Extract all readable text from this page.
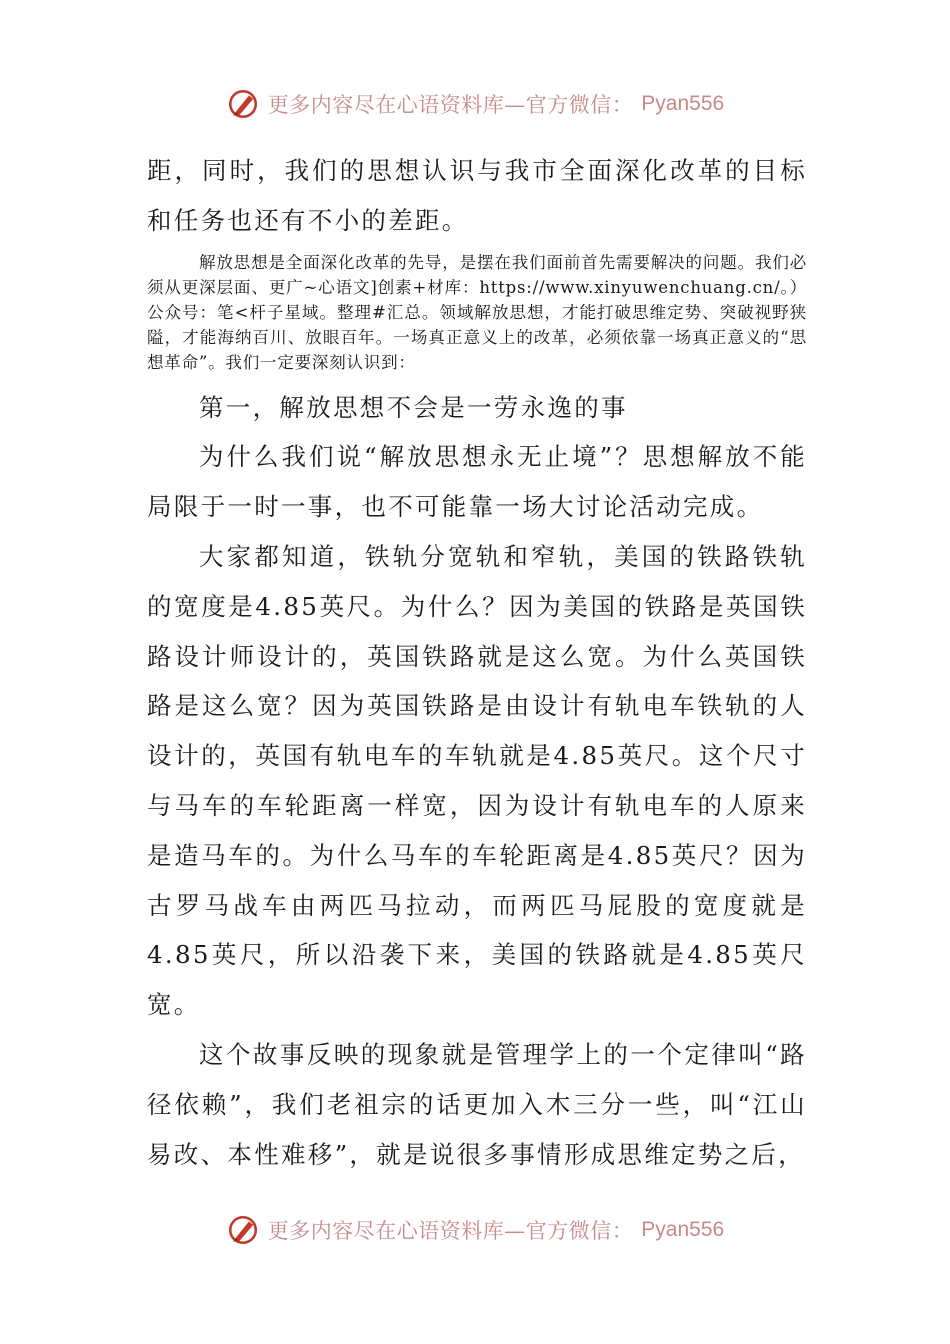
更多内容尽在心语资料库—官方微信： Pyan556

距，同时，我们的思想认识与我市全面深化改革的目标和任务也还有不小的差距。

解放思想是全面深化改革的先导，是摆在我们面前首先需要解决的问题。我们必须从更深层面、更广~心语文]创素+材库：https://www.xinyuwenchuang.cn/。）公众号：笔<杆子星域。整理#汇总。领域解放思想，才能打破思维定势、突破视野狭隘，才能海纳百川、放眼百年。一场真正意义上的改革，必须依靠一场真正意义的“思想革命”。我们一定要深刻认识到：

第一，解放思想不会是一劳永逸的事

为什么我们说“解放思想永无止境”？思想解放不能局限于一时一事，也不可能靠一场大讨论活动完成。

大家都知道，铁轨分宽轨和窄轨，美国的铁路铁轨的宽度是4.85英尺。为什么？因为美国的铁路是英国铁路设计师设计的，英国铁路就是这么宽。为什么英国铁路是这么宽？因为英国铁路是由设计有轨电车铁轨的人设计的，英国有轨电车的车轨就是4.85英尺。这个尺寸与马车的车轮距离一样宽，因为设计有轨电车的人原来是造马车的。为什么马车的车轮距离是4.85英尺？因为古罗马战车由两匹马拉动，而两匹马屁股的宽度就是4.85英尺，所以沿袭下来，美国的铁路就是4.85英尺宽。

这个故事反映的现象就是管理学上的一个定律叫“路径依赖”，我们老祖宗的话更加入木三分一些，叫“江山易改、本性难移”，就是说很多事情形成思维定势之后，

更多内容尽在心语资料库—官方微信： Pyan556
